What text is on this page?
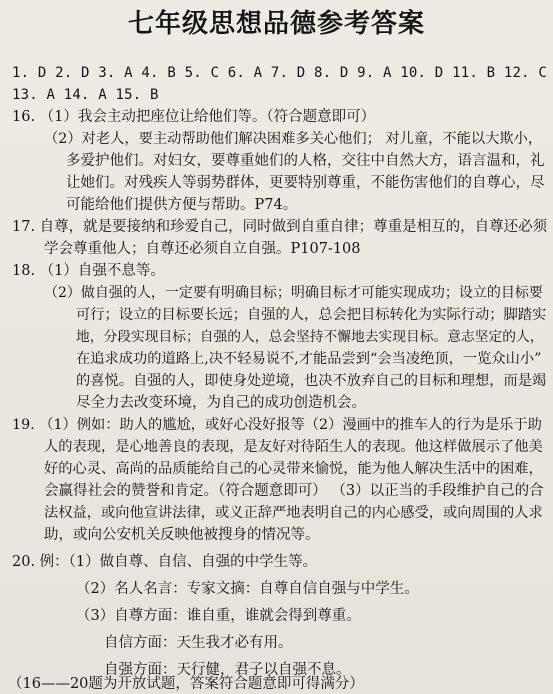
七年级思想品德参考答案
1. D 2. D 3. A 4. B 5. C 6. A 7. D 8. D 9. A 10. D 11. B 12. C
13. A 14. A 15. B
16. （1）我会主动把座位让给他们等。（符合题意即可）
（2）对老人，要主动帮助他们解决困难多关心他们； 对儿童，不能以大欺小，
多爱护他们。对妇女，要尊重她们的人格，交往中自然大方，语言温和，礼
让她们。对残疾人等弱势群体，更要特别尊重，不能伤害他们的自尊心，尽
可能给他们提供方便与帮助。P74。
17. 自尊，就是要接纳和珍爱自己，同时做到自重自律；尊重是相互的，自尊还必须
学会尊重他人；自尊还必须自立自强。P107-108
18. （1）自强不息等。
（2）做自强的人，一定要有明确目标；明确目标才可能实现成功；设立的目标要
可行；设立的目标要长远；自强的人，总会把目标转化为实际行动；脚踏实
地，分段实现目标；自强的人，总会坚持不懈地去实现目标。意志坚定的人，
在追求成功的道路上,决不轻易说不,才能品尝到“会当凌绝顶，一览众山小”
的喜悦。自强的人，即使身处逆境，也决不放弃自己的目标和理想，而是竭
尽全力去改变环境，为自己的成功创造机会。
19. （1）例如：助人的尴尬，或好心没好报等（2）漫画中的推车人的行为是乐于助
人的表现，是心地善良的表现，是友好对待陌生人的表现。他这样做展示了他美
好的心灵、高尚的品质能给自己的心灵带来愉悦，能为他人解决生活中的困难，
会赢得社会的赞誉和肯定。（符合题意即可） （3）以正当的手段维护自己的合
法权益，或向他宣讲法律，或义正辞严地表明自己的内心感受，或向周围的人求
助，或向公安机关反映他被搜身的情况等。
20. 例：（1）做自尊、自信、自强的中学生等。
（2）名人名言：专家文摘：自尊自信自强与中学生。
（3）自尊方面：谁自重，谁就会得到尊重。
自信方面：天生我才必有用。
自强方面：天行健，君子以自强不息。
（16——20题为开放试题，答案符合题意即可得满分）
